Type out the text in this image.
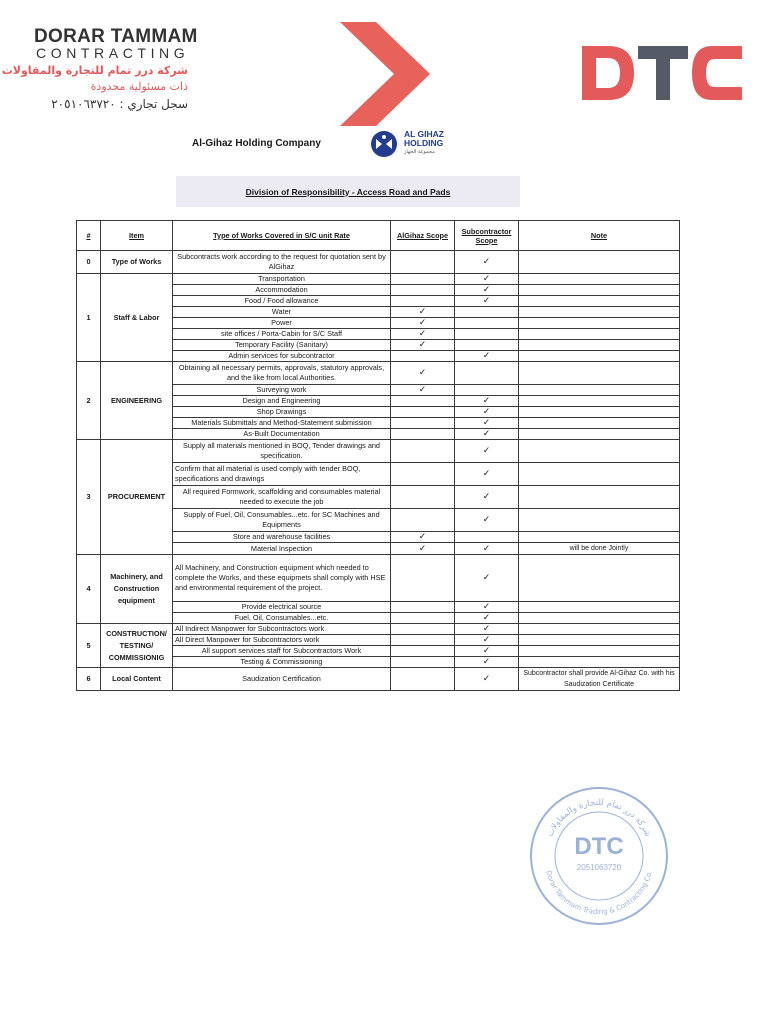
DORAR TAMMAM
CONTRACTING
شركة درر تمام للتجارة والمقاولات
ذات مسئولية محدودة
سجل تجاري : ٢٠٥١٠٦٣٧٢٠
Al-Gihaz Holding Company
AL GIHAZ
HOLDING
مجموعة الجهاز
Division of Responsibility - Access Road and Pads
#	Item	Type of Works Covered in S/C unit Rate	AlGihaz Scope	Subcontractor Scope	Note
0	Type of Works	Subcontracts work according to the request for quotation sent by AlGihaz		✓	
1	Staff & Labor	Transportation		✓	
		Accommodation		✓	
		Food / Food allowance		✓	
		Water	✓		
		Power	✓		
		site offices / Porta-Cabin for S/C Staff	✓		
		Temporary Facility (Sanitary)	✓		
		Admin services for subcontractor		✓	
2	ENGINEERING	Obtaining all necessary permits, approvals, statutory approvals, and the like from local Authorities.	✓		
		Surveying work	✓		
		Design and Engineering		✓	
		Shop Drawings		✓	
		Materials Submittals and Method-Statement submission		✓	
		As-Built Documentation		✓	
3	PROCUREMENT	Supply all materials mentioned in BOQ, Tender drawings and specification.		✓	
		Confirm that all material is used comply with tender BOQ, specifications and drawings		✓	
		All required Formwork, scaffolding and consumables material needed to execute the job		✓	
		Supply of Fuel, Oil, Consumables...etc. for SC Machines and Equipments		✓	
		Store and warehouse facilities	✓		
		Material Inspection	✓	✓	will be done Jointly
4	Machinery, and Construction equipment	All Machinery, and Construction equipment which needed to complete the Works, and these equipmets shall comply with HSE and environmental requirement of the project.		✓	
		Provide electrical source		✓	
		Fuel, Oil, Consumables...etc.		✓	
5	CONSTRUCTION/ TESTING/ COMMISSIONIG	All Indirect Manpower for Subcontractors work		✓	
		All Direct Manpower for Subcontractors work		✓	
		All support services staff for Subcontractors Work		✓	
		Testing & Commissioning		✓	
6	Local Content	Saudization Certification		✓	Subcontractor shall provide Al-Gihaz Co. with his Saudization Certificate
شركة درر تمام للتجارة والمقاولات
Dorar Tammam Trading & Contracting Co.
DTC
2051063720
